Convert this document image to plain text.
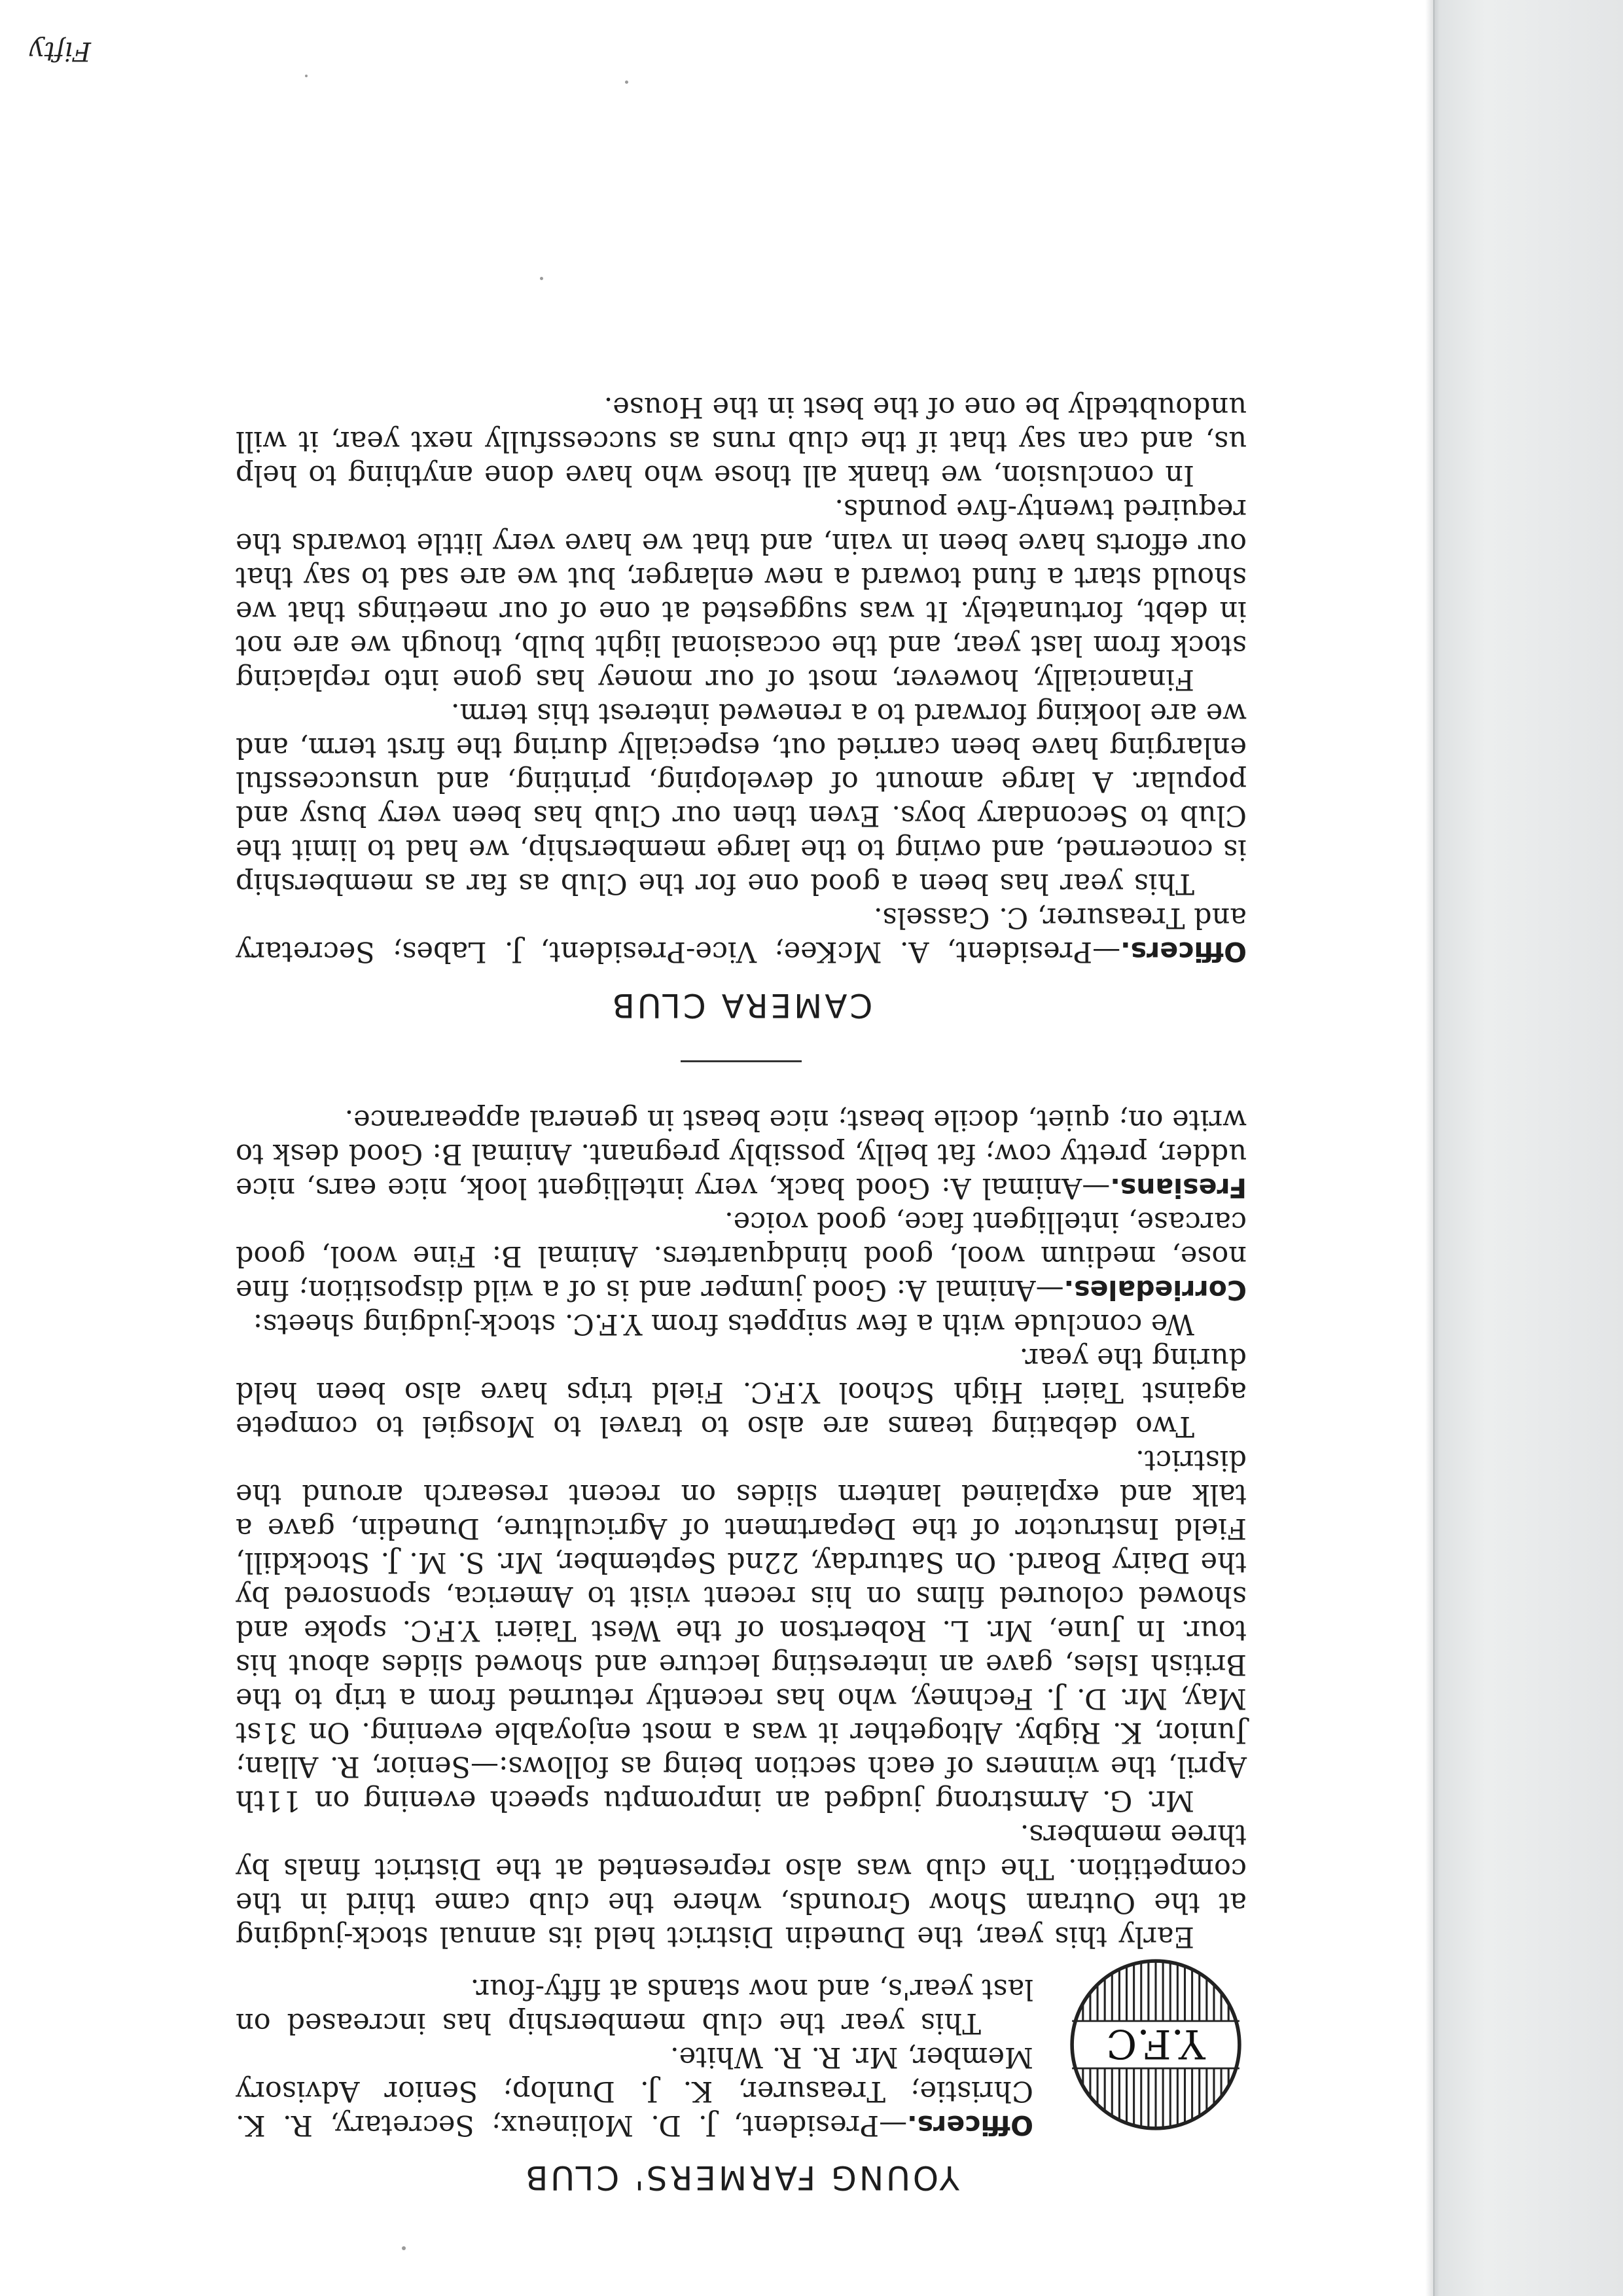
YOUNG FARMERS' CLUB
Y.F.C

Officers.—President, J. D. Molineux; Secretary, R. K. Christie; Treasurer, K. J. Dunlop; Senior Advisory Member, Mr. R. R. White.

This year the club membership has increased on last year's, and now stands at fifty-four.

Early this year, the Dunedin District held its annual stock-judging at the Outram Show Grounds, where the club came third in the competition. The club was also represented at the District finals by three members.

Mr. G. Armstrong judged an impromptu speech evening on 11th April, the winners of each section being as follows:—Senior, R. Allan; Junior, K. Rigby. Altogether it was a most enjoyable evening. On 31st May, Mr. D. J. Fechney, who has recently returned from a trip to the British Isles, gave an interesting lecture and showed slides about his tour. In June, Mr. L. Robertson of the West Taieri Y.F.C. spoke and showed coloured films on his recent visit to America, sponsored by the Dairy Board. On Saturday, 22nd September, Mr. S. M. J. Stockdill, Field Instructor of the Department of Agriculture, Dunedin, gave a talk and explained lantern slides on recent research around the district.

Two debating teams are also to travel to Mosgiel to compete against Taieri High School Y.F.C. Field trips have also been held during the year.

We conclude with a few snippets from Y.F.C. stock-judging sheets:

Corriedales.—Animal A: Good jumper and is of a wild disposition; fine nose, medium wool, good hindquarters. Animal B: Fine wool, good carcase, intelligent face, good voice.

Fresians.—Animal A: Good back, very intelligent look, nice ears, nice udder, pretty cow; fat belly, possibly pregnant. Animal B: Good desk to write on; quiet, docile beast; nice beast in general appearance.

CAMERA CLUB

Officers.—President, A. McKee; Vice-President, J. Labes; Secretary and Treasurer, C. Cassels.

This year has been a good one for the Club as far as membership is concerned, and owing to the large membership, we had to limit the Club to Secondary boys. Even then our Club has been very busy and popular. A large amount of developing, printing, and unsuccessful enlarging have been carried out, especially during the first term, and we are looking forward to a renewed interest this term.

Financially, however, most of our money has gone into replacing stock from last year, and the occasional light bulb, though we are not in debt, fortunately. It was suggested at one of our meetings that we should start a fund toward a new enlarger, but we are sad to say that our efforts have been in vain, and that we have very little towards the required twenty-five pounds.

In conclusion, we thank all those who have done anything to help us, and can say that if the club runs as successfully next year, it will undoubtedly be one of the best in the House.

Fifty
